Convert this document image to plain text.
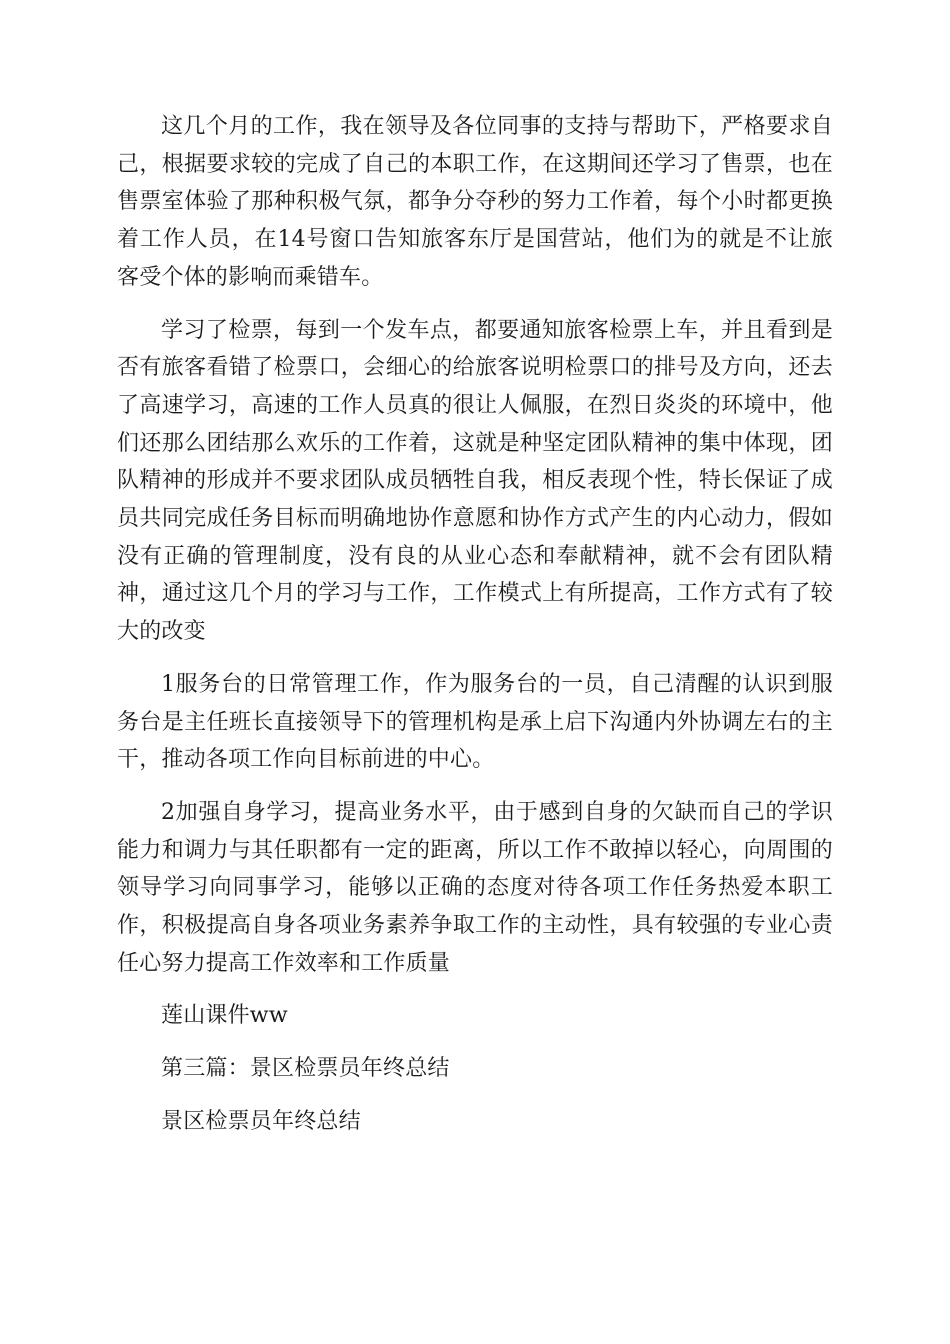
这几个月的工作，我在领导及各位同事的支持与帮助下，严格要求自己，根据要求较的完成了自己的本职工作，在这期间还学习了售票，也在售票室体验了那种积极气氛，都争分夺秒的努力工作着，每个小时都更换着工作人员，在14号窗口告知旅客东厅是国营站，他们为的就是不让旅客受个体的影响而乘错车。

学习了检票，每到一个发车点，都要通知旅客检票上车，并且看到是否有旅客看错了检票口，会细心的给旅客说明检票口的排号及方向，还去了高速学习，高速的工作人员真的很让人佩服，在烈日炎炎的环境中，他们还那么团结那么欢乐的工作着，这就是种坚定团队精神的集中体现，团队精神的形成并不要求团队成员牺牲自我，相反表现个性，特长保证了成员共同完成任务目标而明确地协作意愿和协作方式产生的内心动力，假如没有正确的管理制度，没有良的从业心态和奉献精神，就不会有团队精神，通过这几个月的学习与工作，工作模式上有所提高，工作方式有了较大的改变

1服务台的日常管理工作，作为服务台的一员，自己清醒的认识到服务台是主任班长直接领导下的管理机构是承上启下沟通内外协调左右的主干，推动各项工作向目标前进的中心。

2加强自身学习，提高业务水平，由于感到自身的欠缺而自己的学识能力和调力与其任职都有一定的距离，所以工作不敢掉以轻心，向周围的领导学习向同事学习，能够以正确的态度对待各项工作任务热爱本职工作，积极提高自身各项业务素养争取工作的主动性，具有较强的专业心责任心努力提高工作效率和工作质量

莲山课件ww

第三篇：景区检票员年终总结

景区检票员年终总结
